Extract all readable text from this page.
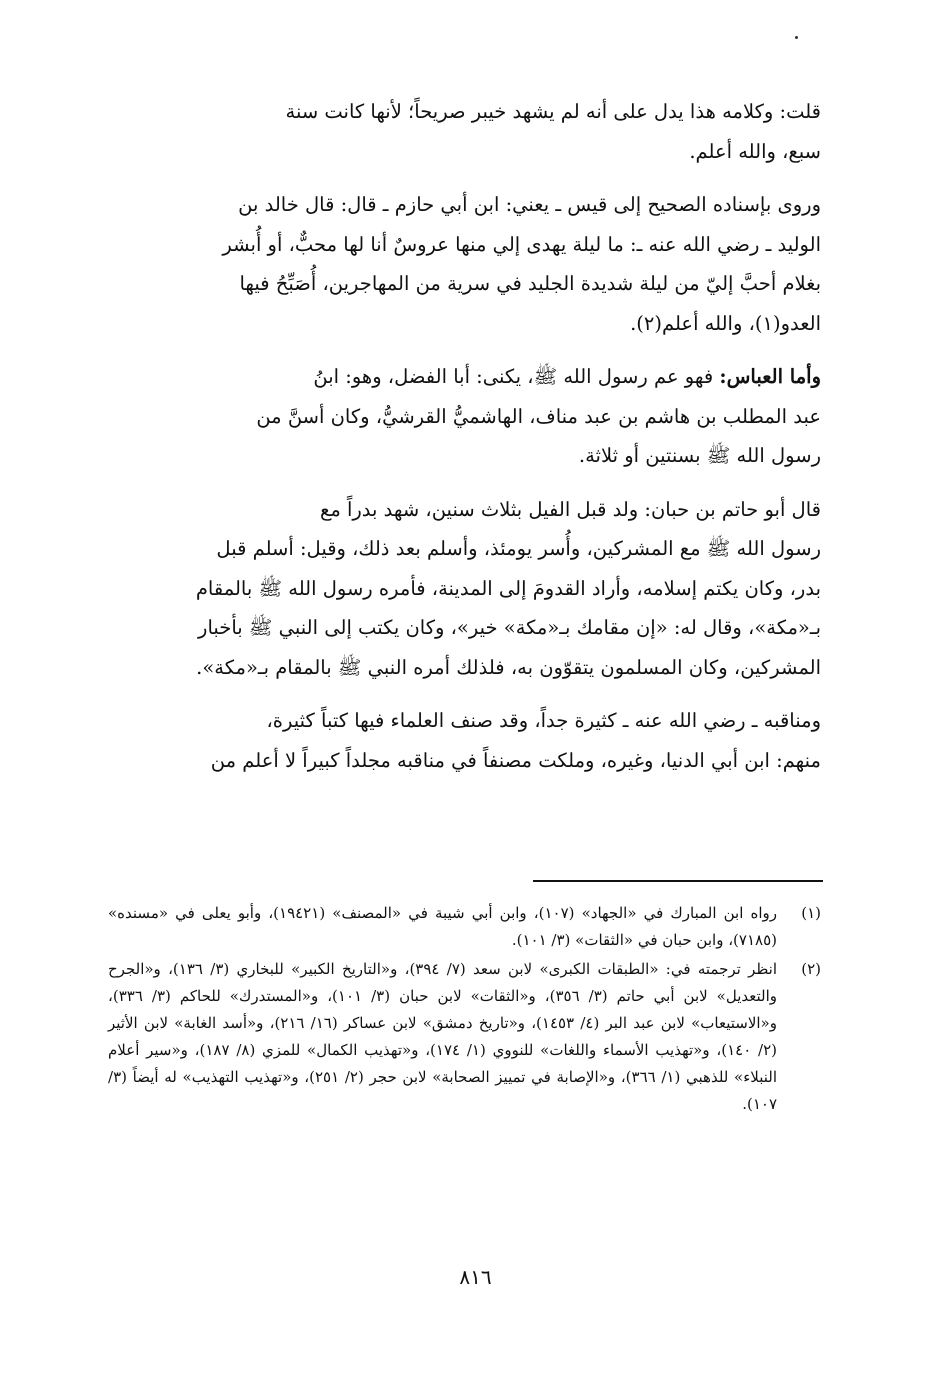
قلت: وكلامه هذا يدل على أنه لم يشهد خيبر صريحاً؛ لأنها كانت سنة

سبع، والله أعلم.

وروى بإسناده الصحيح إلى قيس ـ يعني: ابن أبي حازم ـ قال: قال خالد بن

الوليد ـ رضي الله عنه ـ: ما ليلة يهدى إلي منها عروسٌ أنا لها محبٌّ، أو أُبشر

بغلام أحبَّ إليّ من ليلة شديدة الجليد في سرية من المهاجرين، أُصَبِّحُ فيها

العدو(١)، والله أعلم(٢).

وأما العباس: فهو عم رسول الله ﷺ، يكنى: أبا الفضل، وهو: ابنُ

عبد المطلب بن هاشم بن عبد مناف، الهاشميُّ القرشيُّ، وكان أسنَّ من

رسول الله ﷺ بسنتين أو ثلاثة.

قال أبو حاتم بن حبان: ولد قبل الفيل بثلاث سنين، شهد بدراً مع

رسول الله ﷺ مع المشركين، وأُسر يومئذ، وأسلم بعد ذلك، وقيل: أسلم قبل

بدر، وكان يكتم إسلامه، وأراد القدومَ إلى المدينة، فأمره رسول الله ﷺ بالمقام

بـ«مكة»، وقال له: «إن مقامك بـ«مكة» خير»، وكان يكتب إلى النبي ﷺ بأخبار

المشركين، وكان المسلمون يتقوّون به، فلذلك أمره النبي ﷺ بالمقام بـ«مكة».

ومناقبه ـ رضي الله عنه ـ كثيرة جداً، وقد صنف العلماء فيها كتباً كثيرة،

منهم: ابن أبي الدنيا، وغيره، وملكت مصنفاً في مناقبه مجلداً كبيراً لا أعلم من

(١)
رواه ابن المبارك في «الجهاد» (١٠٧)، وابن أبي شيبة في «المصنف» (١٩٤٢١)، وأبو يعلى في «مسنده» (٧١٨٥)، وابن حبان في «الثقات» (٣/ ١٠١).
(٢)
انظر ترجمته في: «الطبقات الكبرى» لابن سعد (٧/ ٣٩٤)، و«التاريخ الكبير» للبخاري (٣/ ١٣٦)، و«الجرح والتعديل» لابن أبي حاتم (٣/ ٣٥٦)، و«الثقات» لابن حبان (٣/ ١٠١)، و«المستدرك» للحاكم (٣/ ٣٣٦)، و«الاستيعاب» لابن عبد البر (٤/ ١٤٥٣)، و«تاريخ دمشق» لابن عساكر (١٦/ ٢١٦)، و«أسد الغابة» لابن الأثير (٢/ ١٤٠)، و«تهذيب الأسماء واللغات» للنووي (١/ ١٧٤)، و«تهذيب الكمال» للمزي (٨/ ١٨٧)، و«سير أعلام النبلاء» للذهبي (١/ ٣٦٦)، و«الإصابة في تمييز الصحابة» لابن حجر (٢/ ٢٥١)، و«تهذيب التهذيب» له أيضاً (٣/ ١٠٧).
٨١٦
